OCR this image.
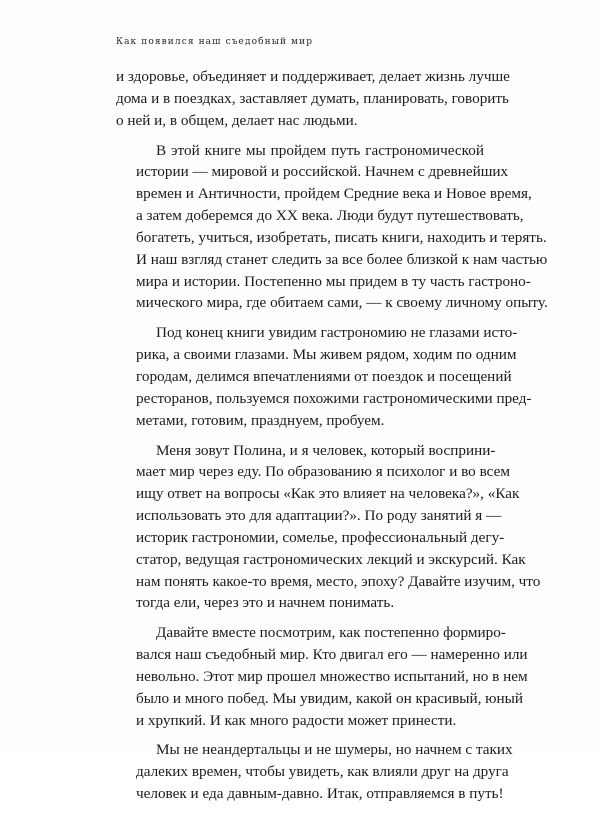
Как появился наш съедобный мир
и здоровье, объединяет и поддерживает, делает жизнь лучше
дома и в поездках, заставляет думать, планировать, говорить
о ней и, в общем, делает нас людьми.
В этой книге мы пройдем путь гастрономической
истории — мировой и российской. Начнем с древнейших
времен и Античности, пройдем Средние века и Новое время,
а затем доберемся до XX века. Люди будут путешествовать,
богатеть, учиться, изобретать, писать книги, находить и терять.
И наш взгляд станет следить за все более близкой к нам частью
мира и истории. Постепенно мы придем в ту часть гастроно-
мического мира, где обитаем сами, — к своему личному опыту.
Под конец книги увидим гастрономию не глазами исто-
рика, а своими глазами. Мы живем рядом, ходим по одним
городам, делимся впечатлениями от поездок и посещений
ресторанов, пользуемся похожими гастрономическими пред-
метами, готовим, празднуем, пробуем.
Меня зовут Полина, и я человек, который восприни-
мает мир через еду. По образованию я психолог и во всем
ищу ответ на вопросы «Как это влияет на человека?», «Как
использовать это для адаптации?». По роду занятий я —
историк гастрономии, сомелье, профессиональный дегу-
статор, ведущая гастрономических лекций и экскурсий. Как
нам понять какое-то время, место, эпоху? Давайте изучим, что
тогда ели, через это и начнем понимать.
Давайте вместе посмотрим, как постепенно формиро-
вался наш съедобный мир. Кто двигал его — намеренно или
невольно. Этот мир прошел множество испытаний, но в нем
было и много побед. Мы увидим, какой он красивый, юный
и хрупкий. И как много радости может принести.
Мы не неандертальцы и не шумеры, но начнем с таких
далеких времен, чтобы увидеть, как влияли друг на друга
человек и еда давным-давно. Итак, отправляемся в путь!
